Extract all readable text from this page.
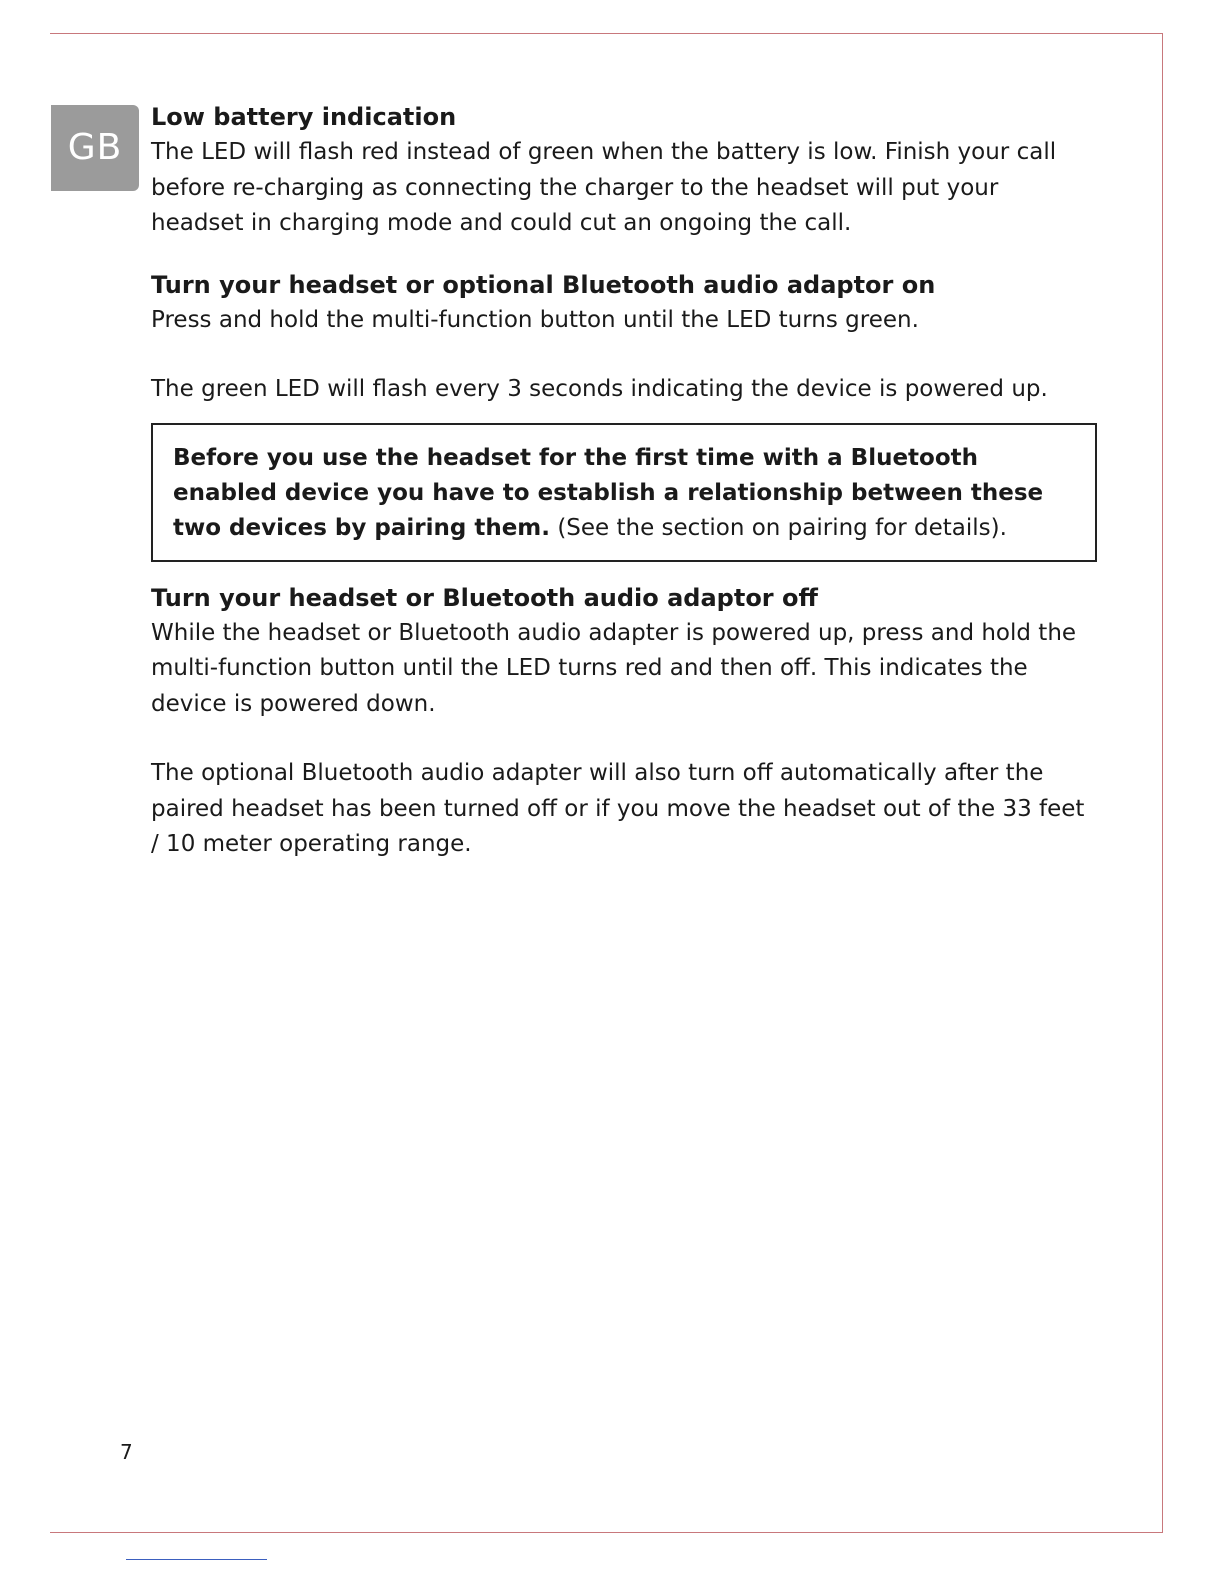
GB
Low battery indication

The LED will flash red instead of green when the battery is low. Finish your call before re-charging as connecting the charger to the headset will put your headset in charging mode and could cut an ongoing the call.

Turn your headset or optional Bluetooth audio adaptor on

Press and hold the multi-function button until the LED turns green.

The green LED will flash every 3 seconds indicating the device is powered up.

Before you use the headset for the first time with a Bluetooth enabled device you have to establish a relationship between these two devices by pairing them. (See the section on pairing for details).
Turn your headset or Bluetooth audio adaptor off

While the headset or Bluetooth audio adapter is powered up, press and hold the multi-function button until the LED turns red and then off. This indicates the device is powered down.

The optional Bluetooth audio adapter will also turn off automatically after the paired headset has been turned off or if you move the headset out of the 33 feet / 10 meter operating range.

7
